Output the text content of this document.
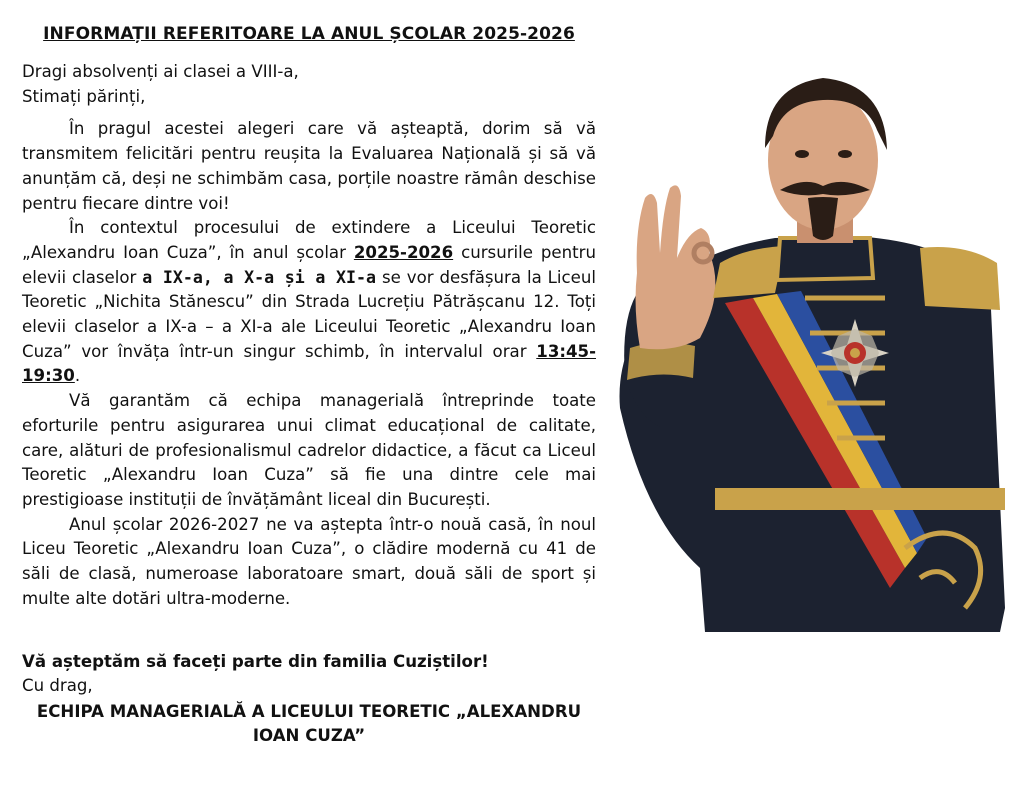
INFORMAȚII REFERITOARE LA ANUL ȘCOLAR 2025-2026

Dragi absolvenți ai clasei a VIII-a,

Stimați părinți,

În pragul acestei alegeri care vă așteaptă, dorim să vă transmitem felicitări pentru reușita la Evaluarea Națională și să vă anunțăm că, deși ne schimbăm casa, porțile noastre rămân deschise pentru fiecare dintre voi!

În contextul procesului de extindere a Liceului Teoretic „Alexandru Ioan Cuza”, în anul școlar 2025-2026 cursurile pentru elevii claselor a IX-a, a X-a și a XI-a se vor desfășura la Liceul Teoretic „Nichita Stănescu” din Strada Lucrețiu Pătrășcanu 12. Toți elevii claselor a IX-a – a XI-a ale Liceului Teoretic „Alexandru Ioan Cuza” vor învăța într-un singur schimb, în intervalul orar 13:45-19:30.

Vă garantăm că echipa managerială întreprinde toate eforturile pentru asigurarea unui climat educațional de calitate, care, alături de profesionalismul cadrelor didactice, a făcut ca Liceul Teoretic „Alexandru Ioan Cuza” să fie una dintre cele mai prestigioase instituții de învățământ liceal din București.

Anul școlar 2026-2027 ne va aștepta într-o nouă casă, în noul Liceu Teoretic „Alexandru Ioan Cuza”, o clădire modernă cu 41 de săli de clasă, numeroase laboratoare smart, două săli de sport și multe alte dotări ultra-moderne.

Vă așteptăm să faceți parte din familia Cuziștilor!
Cu drag,
ECHIPA MANAGERIALĂ A LICEULUI TEORETIC „ALEXANDRU IOAN CUZA”
